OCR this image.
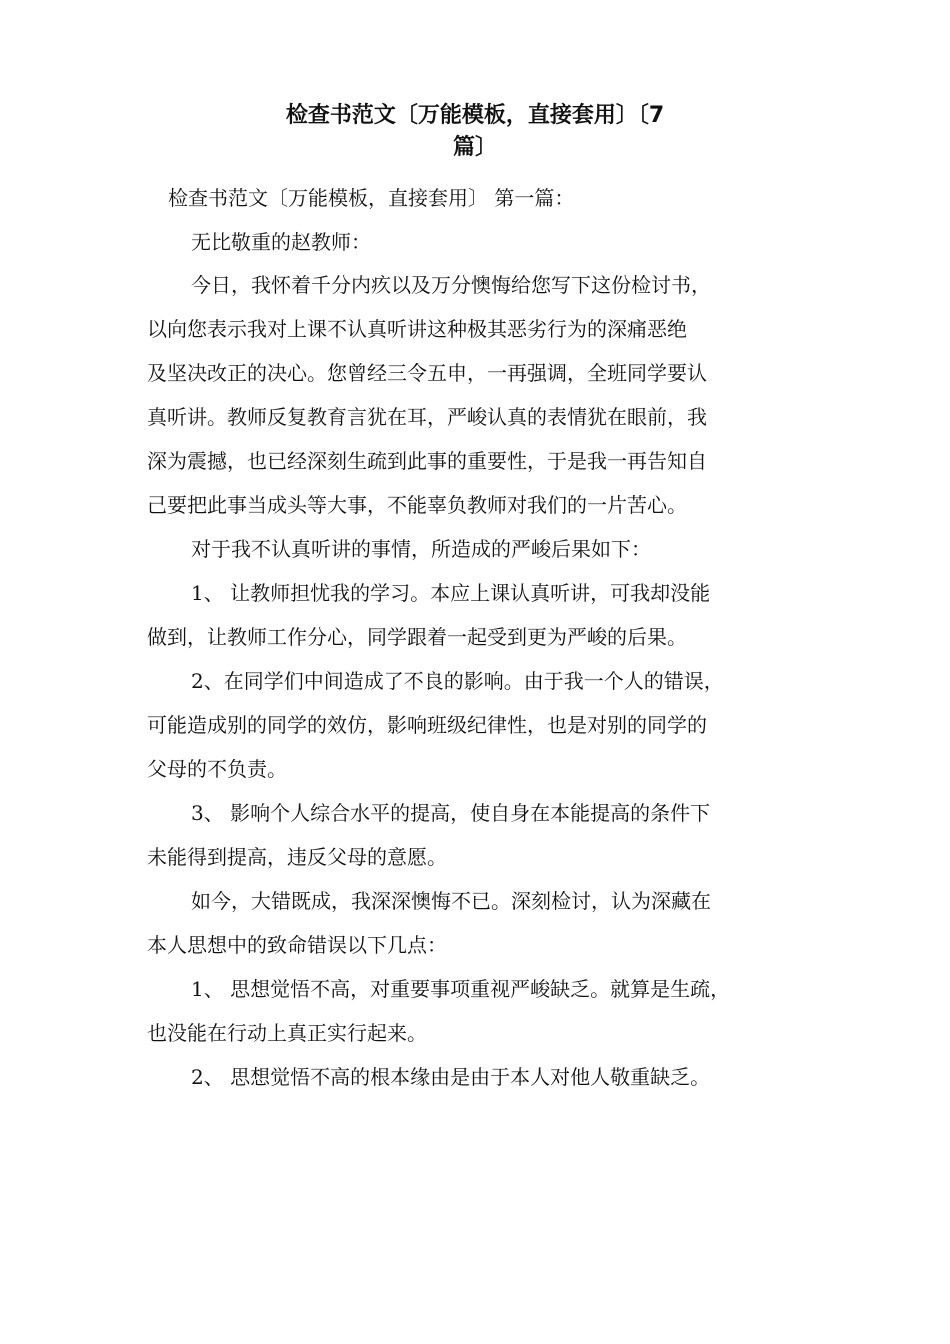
检查书范文〔万能模板，直接套用〕〔7
篇〕
检查书范文〔万能模板，直接套用〕 第一篇：
无比敬重的赵教师：
今日，我怀着千分内疚以及万分懊悔给您写下这份检讨书，
以向您表示我对上课不认真听讲这种极其恶劣行为的深痛恶绝
及坚决改正的决心。您曾经三令五申，一再强调，全班同学要认
真听讲。教师反复教育言犹在耳，严峻认真的表情犹在眼前，我
深为震撼，也已经深刻生疏到此事的重要性，于是我一再告知自
己要把此事当成头等大事，不能辜负教师对我们的一片苦心。
对于我不认真听讲的事情，所造成的严峻后果如下：
1、 让教师担忧我的学习。本应上课认真听讲，可我却没能
做到，让教师工作分心，同学跟着一起受到更为严峻的后果。
2、在同学们中间造成了不良的影响。由于我一个人的错误，
可能造成别的同学的效仿，影响班级纪律性，也是对别的同学的
父母的不负责。
3、 影响个人综合水平的提高，使自身在本能提高的条件下
未能得到提高，违反父母的意愿。
如今，大错既成，我深深懊悔不已。深刻检讨，认为深藏在
本人思想中的致命错误以下几点：
1、 思想觉悟不高，对重要事项重视严峻缺乏。就算是生疏，
也没能在行动上真正实行起来。
2、 思想觉悟不高的根本缘由是由于本人对他人敬重缺乏。
